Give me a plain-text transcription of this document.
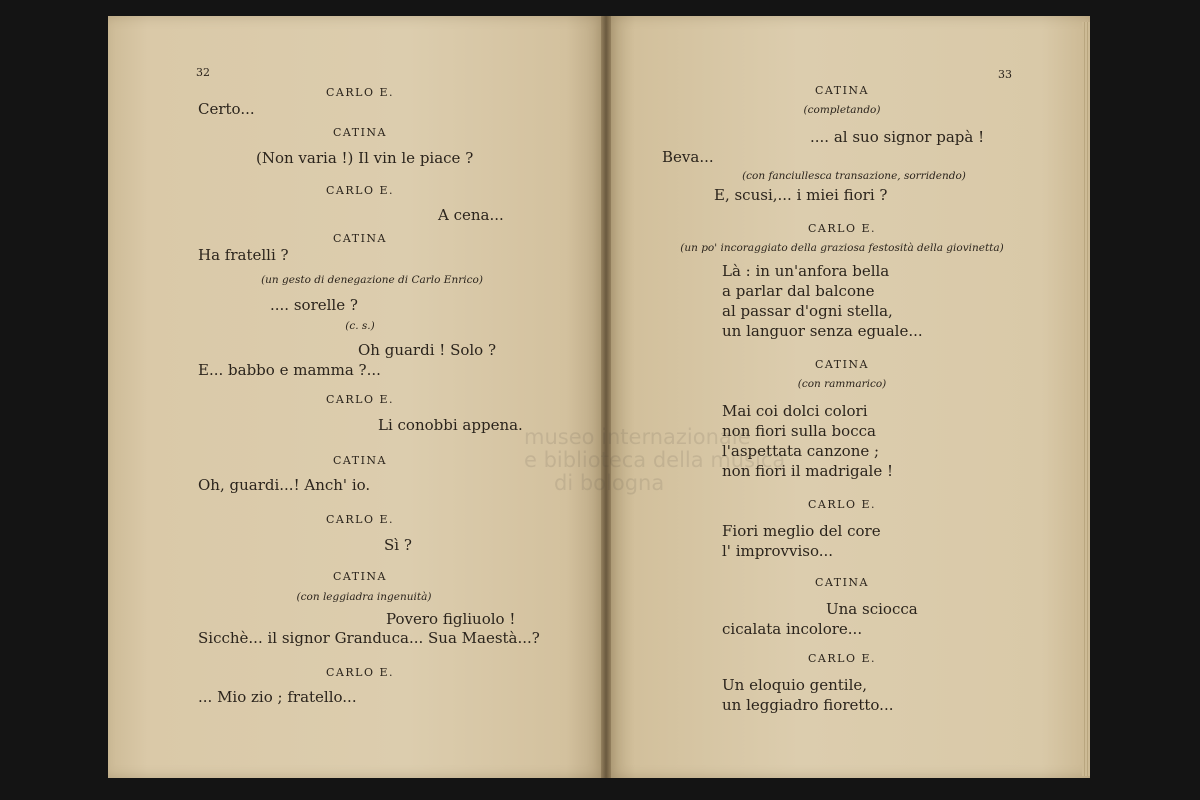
32
CARLO E.
Certo...
CATINA
(Non varia !) Il vin le piace ?
CARLO E.
A cena...
CATINA
Ha fratelli ?
(un gesto di denegazione di Carlo Enrico)
.... sorelle ?
(c. s.)
Oh guardi ! Solo ?
E... babbo e mamma ?...
CARLO E.
Li conobbi appena.
CATINA
Oh, guardi...! Anch' io.
CARLO E.
Sì ?
CATINA
(con leggiadra ingenuità)
Povero figliuolo !
Sicchè... il signor Granduca... Sua Maestà...?
CARLO E.
... Mio zio ; fratello...
33
CATINA
(completando)
.... al suo signor papà !
Beva...
(con fanciullesca transazione, sorridendo)
E, scusi,... i miei fiori ?
CARLO E.
(un po' incoraggiato della graziosa festosità della giovinetta)
Là : in un'anfora bella
a parlar dal balcone
al passar d'ogni stella,
un languor senza eguale...
CATINA
(con rammarico)
Mai coi dolci colori
non fiori sulla bocca
l'aspettata canzone ;
non fiori il madrigale !
CARLO E.
Fiori meglio del core
l' improvviso...
CATINA
Una sciocca
cicalata incolore...
CARLO E.
Un eloquio gentile,
un leggiadro fioretto...
